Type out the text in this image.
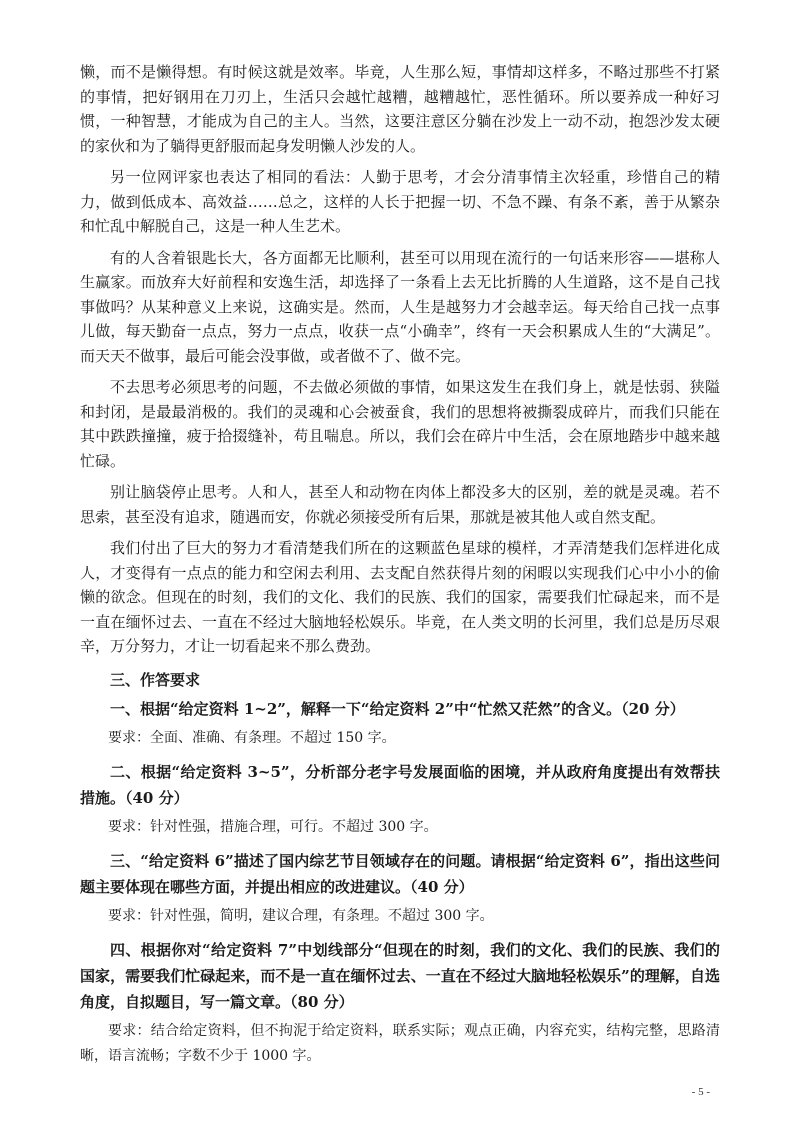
懒，而不是懒得想。有时候这就是效率。毕竟，人生那么短，事情却这样多，不略过那些不打紧的事情，把好钢用在刀刃上，生活只会越忙越糟，越糟越忙，恶性循环。所以要养成一种好习惯，一种智慧，才能成为自己的主人。当然，这要注意区分躺在沙发上一动不动，抱怨沙发太硬的家伙和为了躺得更舒服而起身发明懒人沙发的人。

另一位网评家也表达了相同的看法：人勤于思考，才会分清事情主次轻重，珍惜自己的精力，做到低成本、高效益……总之，这样的人长于把握一切、不急不躁、有条不紊，善于从繁杂和忙乱中解脱自己，这是一种人生艺术。

有的人含着银匙长大，各方面都无比顺利，甚至可以用现在流行的一句话来形容——堪称人生赢家。而放弃大好前程和安逸生活，却选择了一条看上去无比折腾的人生道路，这不是自己找事做吗？从某种意义上来说，这确实是。然而，人生是越努力才会越幸运。每天给自己找一点事儿做，每天勤奋一点点，努力一点点，收获一点“小确幸”，终有一天会积累成人生的“大满足”。而天天不做事，最后可能会没事做，或者做不了、做不完。

不去思考必须思考的问题，不去做必须做的事情，如果这发生在我们身上，就是怯弱、狭隘和封闭，是最最消极的。我们的灵魂和心会被蚕食，我们的思想将被撕裂成碎片，而我们只能在其中跌跌撞撞，疲于拾掇缝补，苟且喘息。所以，我们会在碎片中生活，会在原地踏步中越来越忙碌。

别让脑袋停止思考。人和人，甚至人和动物在肉体上都没多大的区别，差的就是灵魂。若不思索，甚至没有追求，随遇而安，你就必须接受所有后果，那就是被其他人或自然支配。

我们付出了巨大的努力才看清楚我们所在的这颗蓝色星球的模样，才弄清楚我们怎样进化成人，才变得有一点点的能力和空闲去利用、去支配自然获得片刻的闲暇以实现我们心中小小的偷懒的欲念。但现在的时刻，我们的文化、我们的民族、我们的国家，需要我们忙碌起来，而不是一直在缅怀过去、一直在不经过大脑地轻松娱乐。毕竟，在人类文明的长河里，我们总是历尽艰辛，万分努力，才让一切看起来不那么费劲。

三、作答要求
一、根据“给定资料 1~2”，解释一下“给定资料 2”中“忙然又茫然”的含义。（20 分）
要求：全面、准确、有条理。不超过 150 字。
二、根据“给定资料 3~5”，分析部分老字号发展面临的困境，并从政府角度提出有效帮扶措施。（40 分）
要求：针对性强，措施合理，可行。不超过 300 字。
三、“给定资料 6”描述了国内综艺节目领域存在的问题。请根据“给定资料 6”，指出这些问题主要体现在哪些方面，并提出相应的改进建议。（40 分）
要求：针对性强，简明，建议合理，有条理。不超过 300 字。
四、根据你对“给定资料 7”中划线部分“但现在的时刻，我们的文化、我们的民族、我们的国家，需要我们忙碌起来，而不是一直在缅怀过去、一直在不经过大脑地轻松娱乐”的理解，自选角度，自拟题目，写一篇文章。（80 分）
要求：结合给定资料，但不拘泥于给定资料，联系实际；观点正确，内容充实，结构完整，思路清晰，语言流畅；字数不少于 1000 字。
- 5 -
